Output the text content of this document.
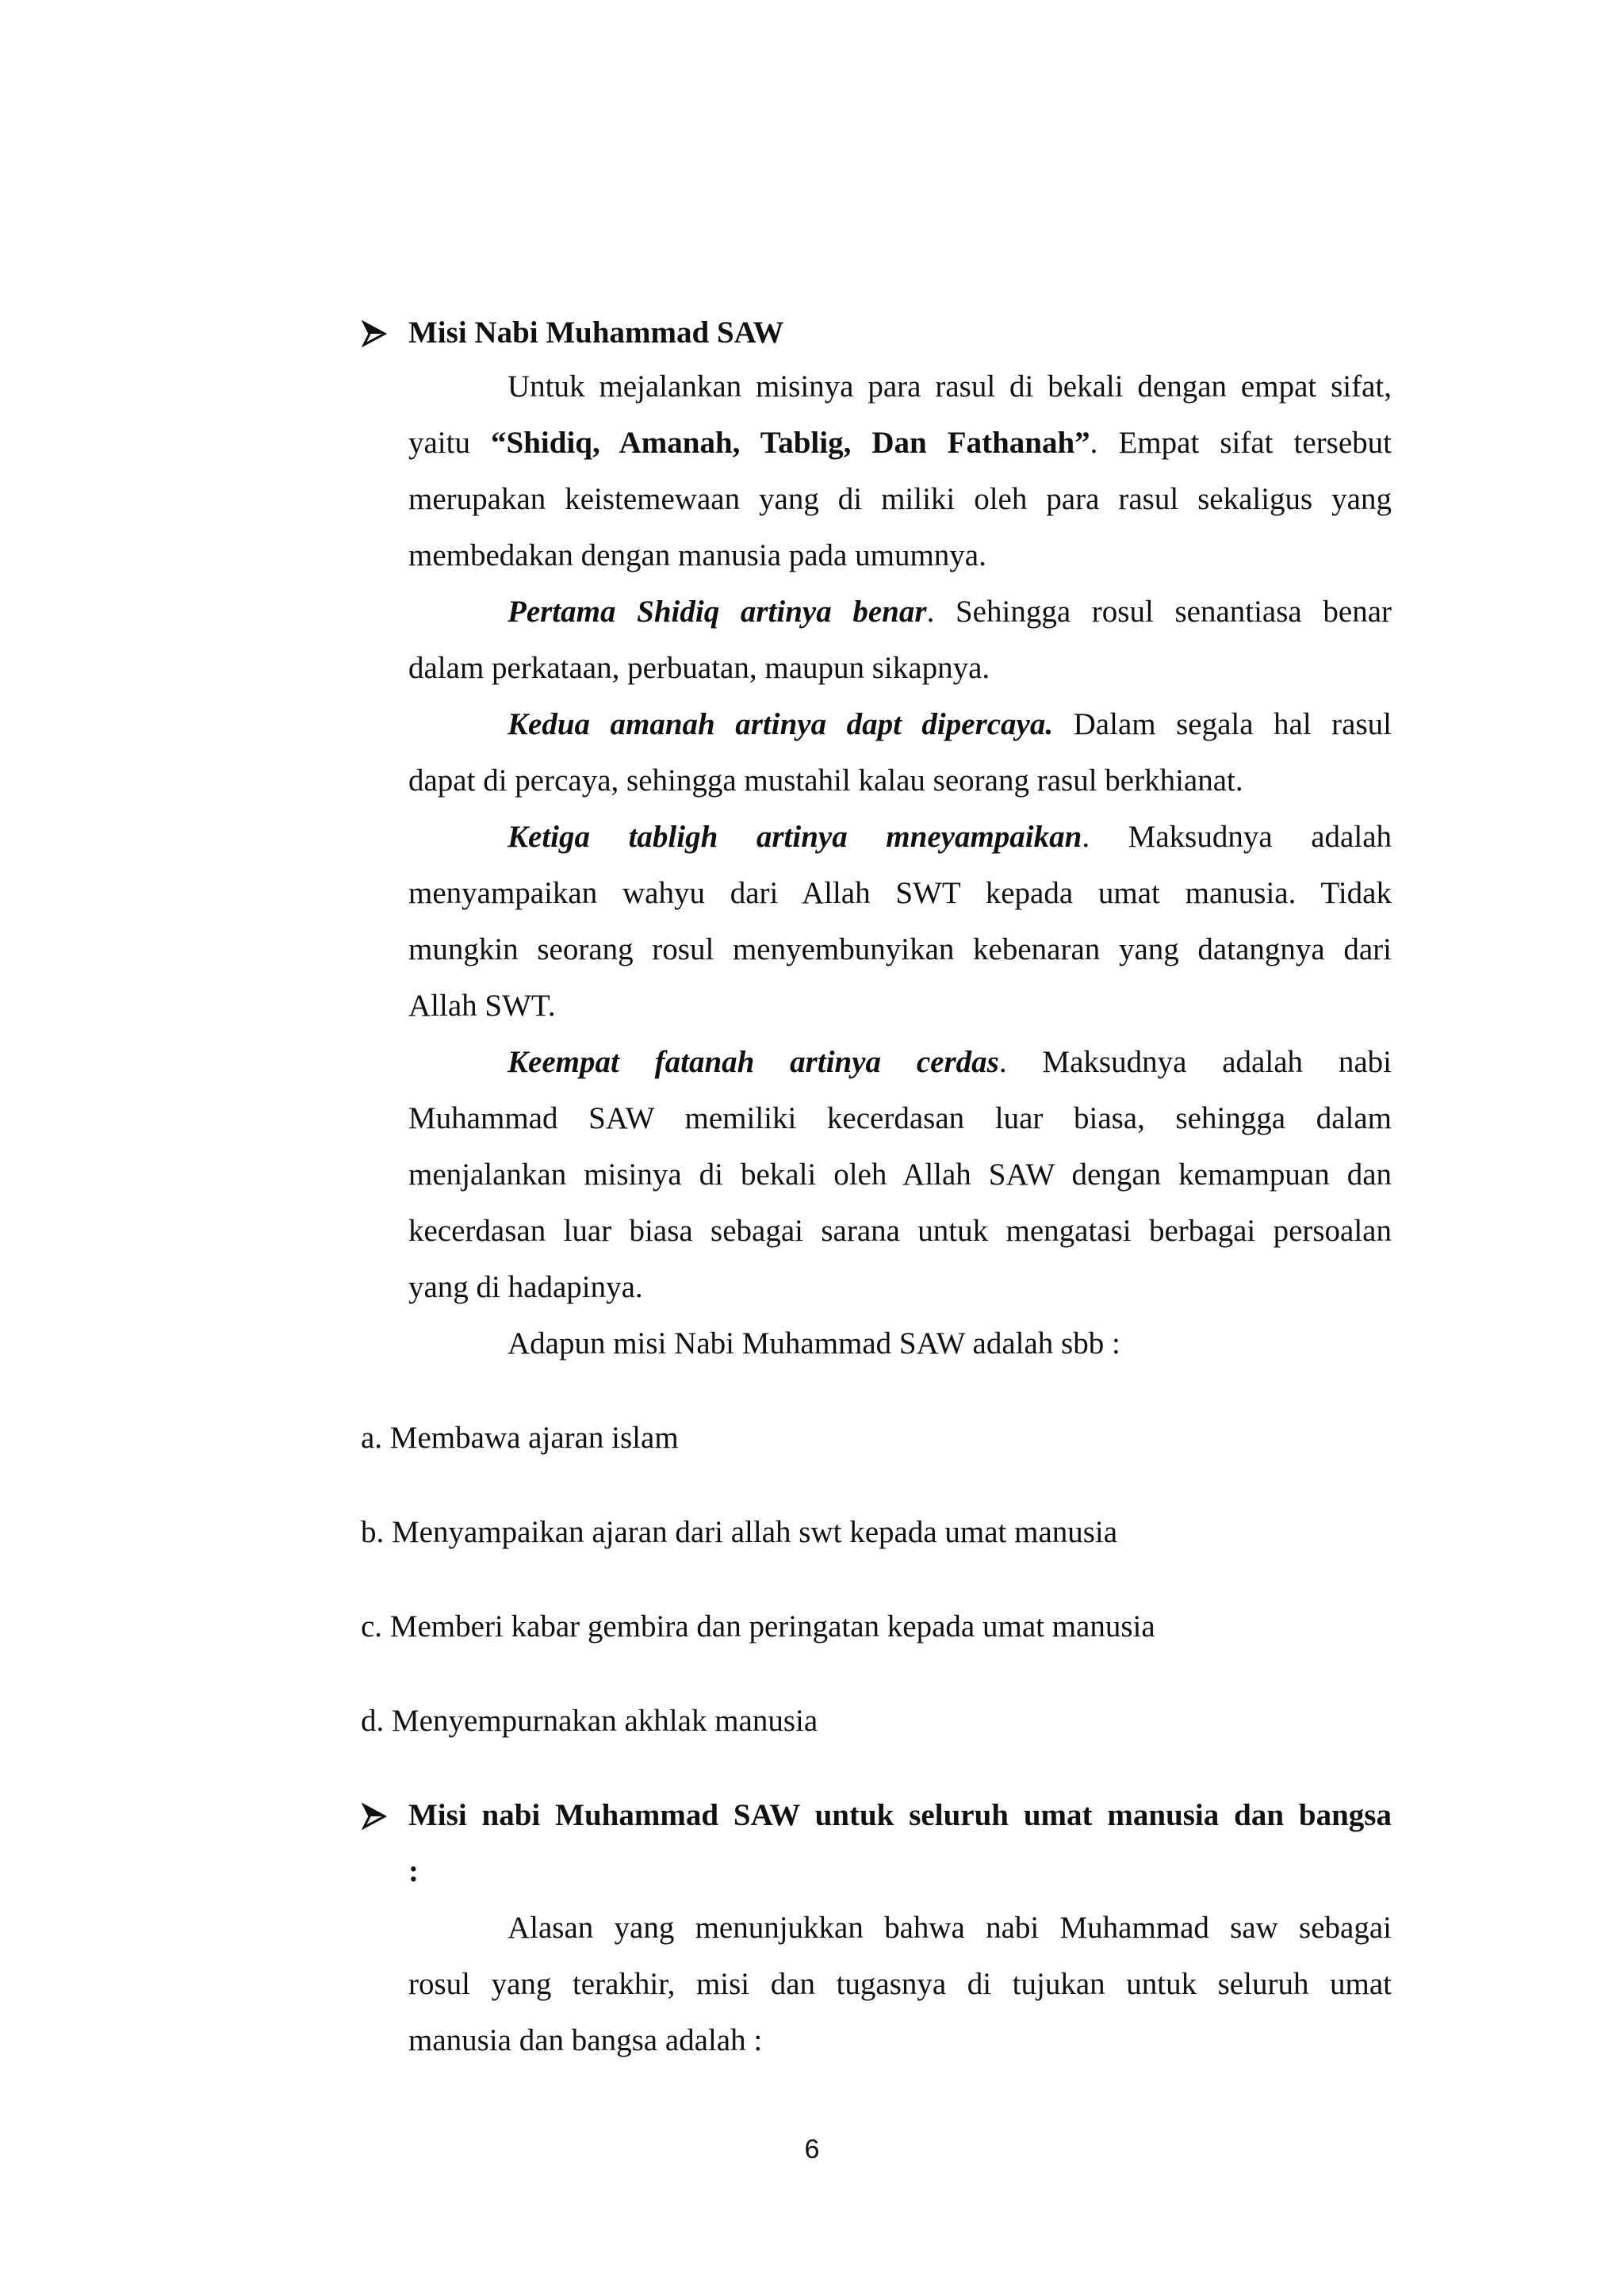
Misi Nabi Muhammad SAW
Untuk mejalankan misinya para rasul di bekali dengan empat sifat,
yaitu “Shidiq, Amanah, Tablig, Dan Fathanah”. Empat sifat tersebut
merupakan keistemewaan yang di miliki oleh para rasul sekaligus yang
membedakan dengan manusia pada umumnya.
Pertama Shidiq artinya benar. Sehingga rosul senantiasa benar
dalam perkataan, perbuatan, maupun sikapnya.
Kedua amanah artinya dapt dipercaya. Dalam segala hal rasul
dapat di percaya, sehingga mustahil kalau seorang rasul berkhianat.
Ketiga tabligh artinya mneyampaikan. Maksudnya adalah
menyampaikan wahyu dari Allah SWT kepada umat manusia. Tidak
mungkin seorang rosul menyembunyikan kebenaran yang datangnya dari
Allah SWT.
Keempat fatanah artinya cerdas. Maksudnya adalah nabi
Muhammad SAW memiliki kecerdasan luar biasa, sehingga dalam
menjalankan misinya di bekali oleh Allah SAW dengan kemampuan dan
kecerdasan luar biasa sebagai sarana untuk mengatasi berbagai persoalan
yang di hadapinya.
Adapun misi Nabi Muhammad SAW adalah sbb :
a. Membawa ajaran islam
b. Menyampaikan ajaran dari allah swt kepada umat manusia
c. Memberi kabar gembira dan peringatan kepada umat manusia
d. Menyempurnakan akhlak manusia
Misi nabi Muhammad SAW untuk seluruh umat manusia dan bangsa
:
Alasan yang menunjukkan bahwa nabi Muhammad saw sebagai
rosul yang terakhir, misi dan tugasnya di tujukan untuk seluruh umat
manusia dan bangsa adalah :
6
